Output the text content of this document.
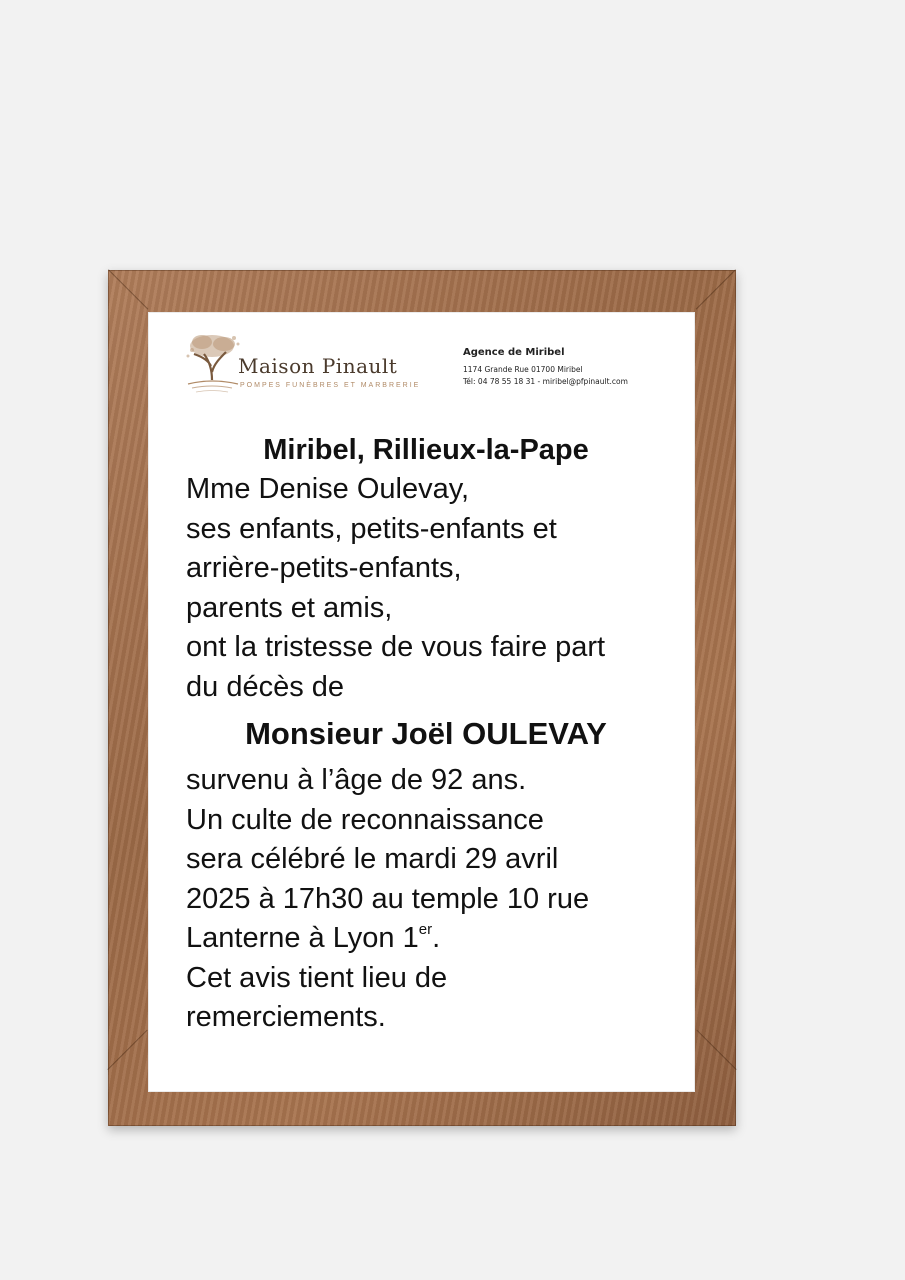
Maison Pinault
POMPES FUNÈBRES ET MARBRERIE
Agence de Miribel
1174 Grande Rue 01700 Miribel
Tél: 04 78 55 18 31 - miribel@pfpinault.com

Miribel, Rillieux-la-Pape

Mme Denise Oulevay,

ses enfants, petits-enfants et

arrière-petits-enfants,

parents et amis,

ont la tristesse de vous faire part

du décès de

Monsieur Joël OULEVAY

survenu à l’âge de 92 ans.

Un culte de reconnaissance

sera célébré le mardi 29 avril

2025 à 17h30 au temple 10 rue

Lanterne à Lyon 1er.

Cet avis tient lieu de

remerciements.
